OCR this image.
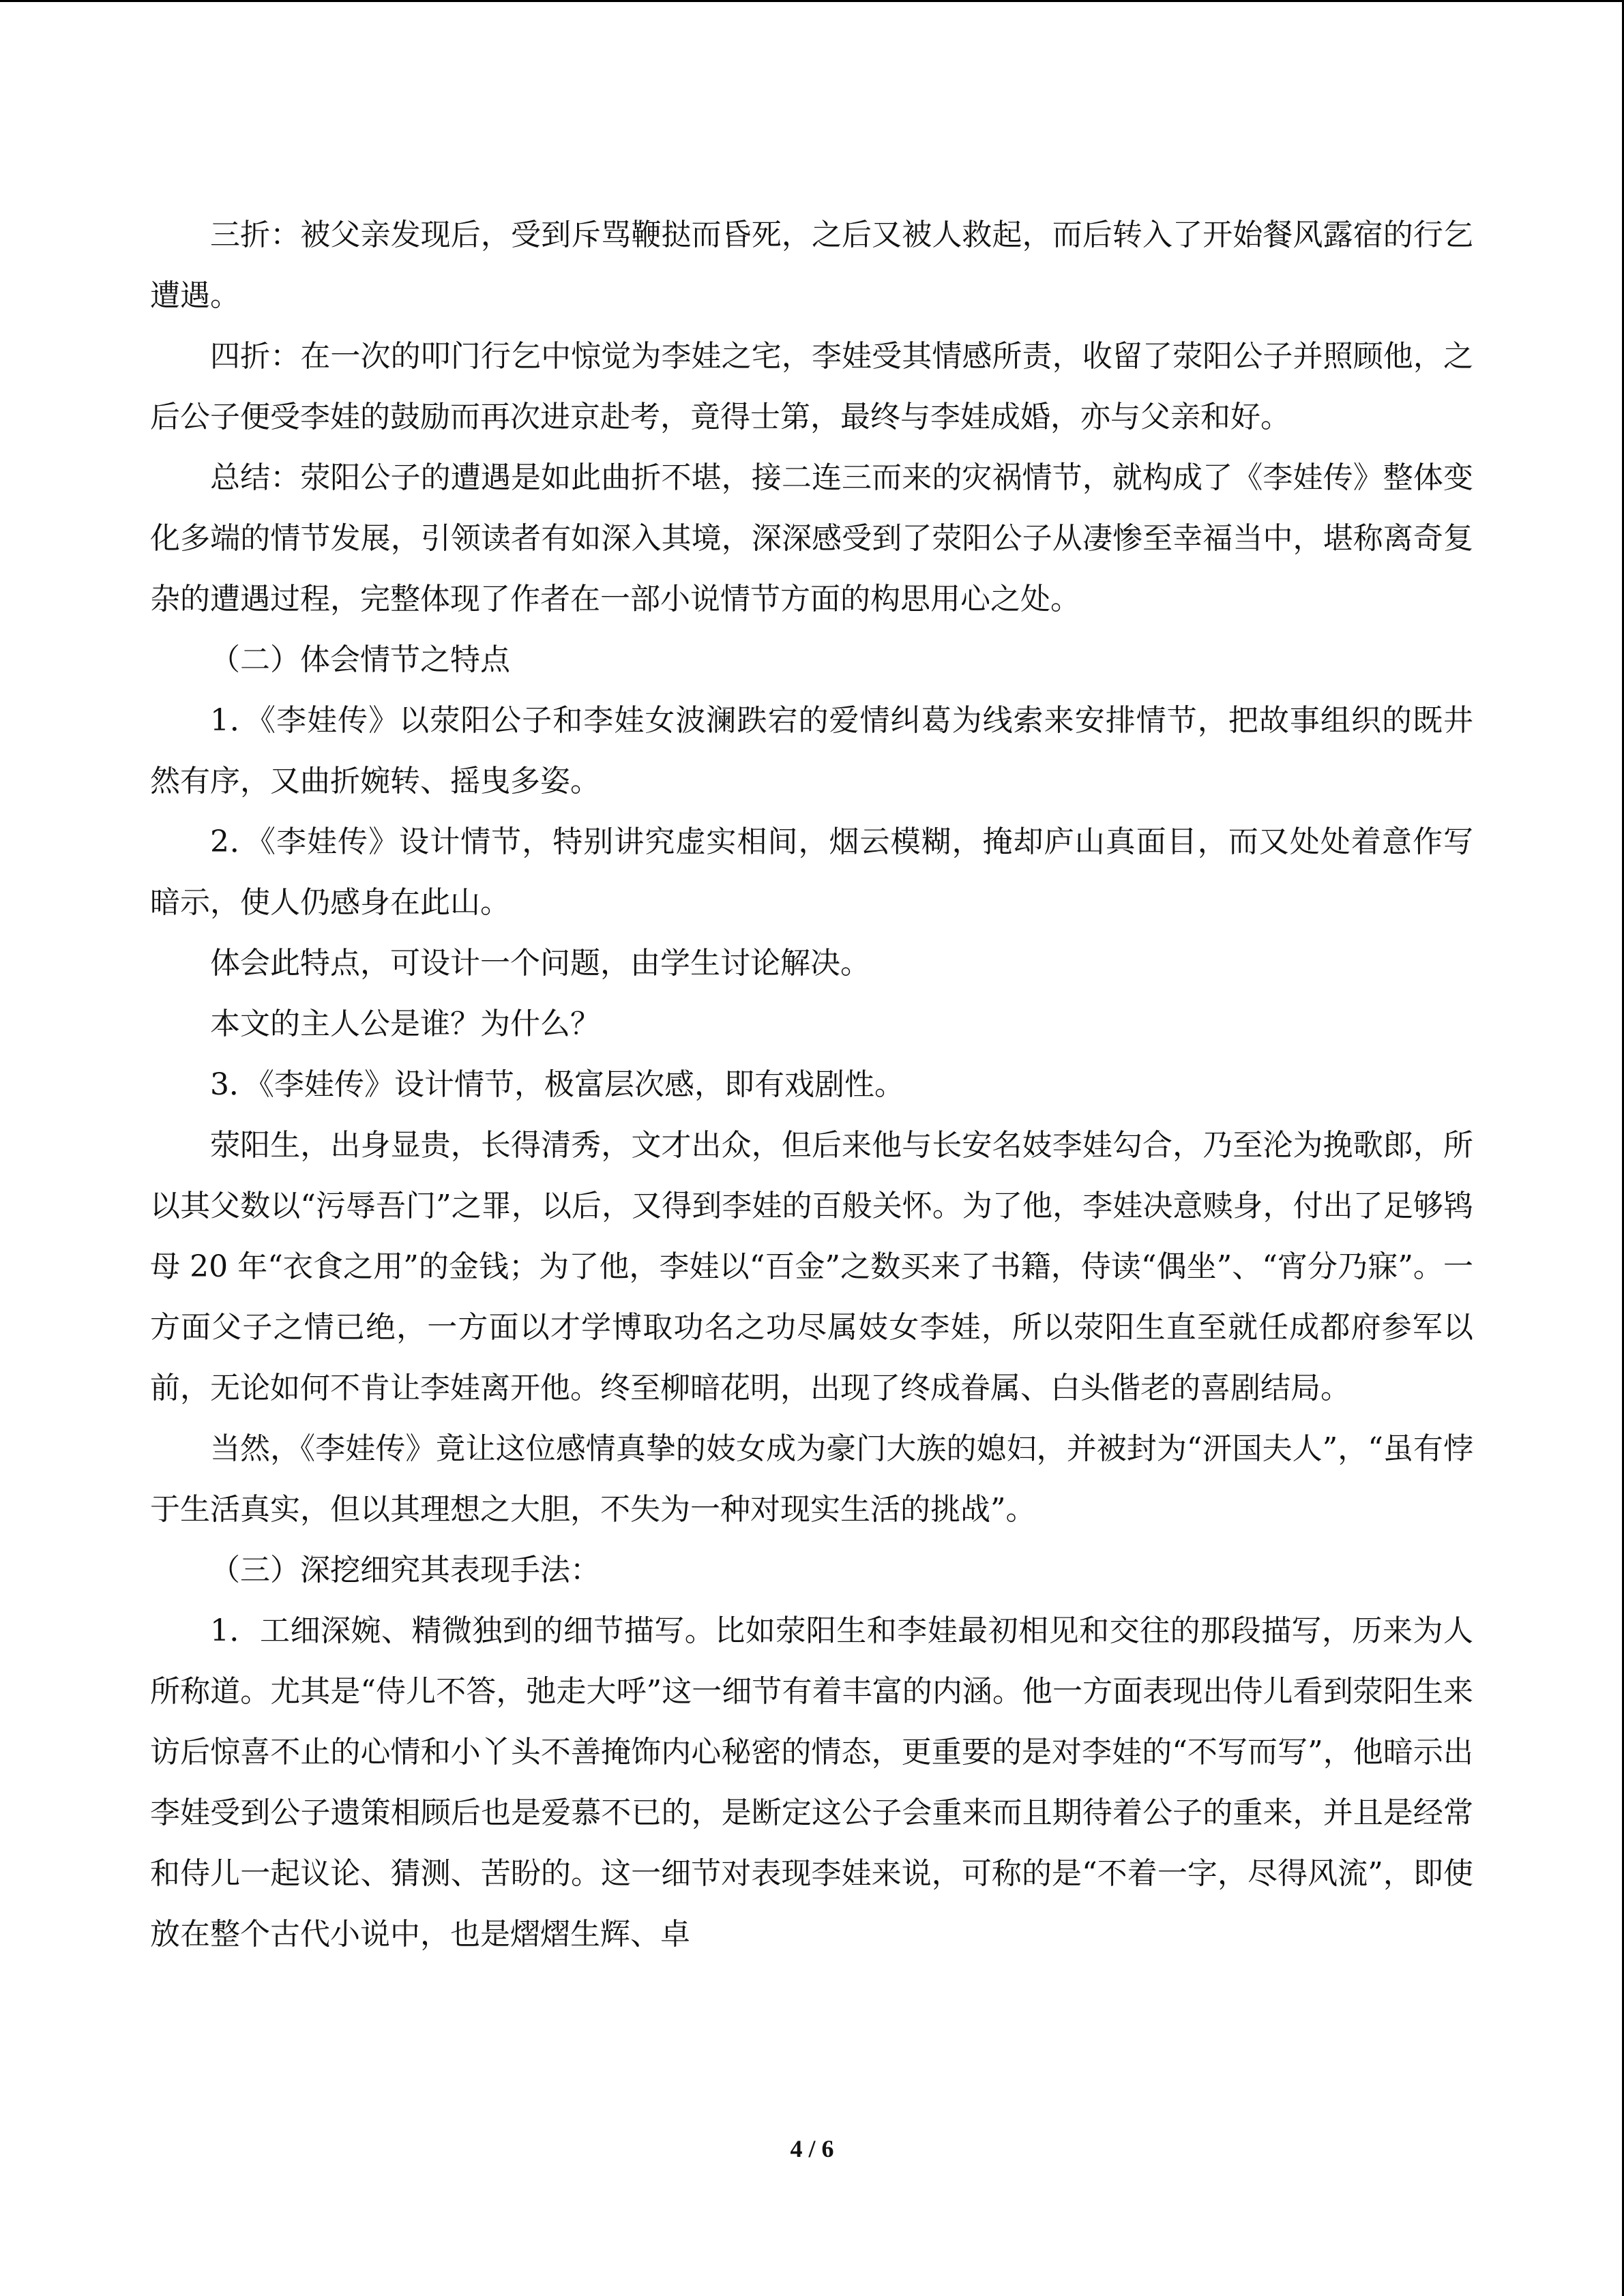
三折：被父亲发现后，受到斥骂鞭挞而昏死，之后又被人救起，而后转入了开始餐风露宿的行乞遭遇。

四折：在一次的叩门行乞中惊觉为李娃之宅，李娃受其情感所责，收留了荥阳公子并照顾他，之后公子便受李娃的鼓励而再次进京赴考，竟得士第，最终与李娃成婚，亦与父亲和好。

总结：荥阳公子的遭遇是如此曲折不堪，接二连三而来的灾祸情节，就构成了《李娃传》整体变化多端的情节发展，引领读者有如深入其境，深深感受到了荥阳公子从凄惨至幸福当中，堪称离奇复杂的遭遇过程，完整体现了作者在一部小说情节方面的构思用心之处。

（二）体会情节之特点

1．《李娃传》以荥阳公子和李娃女波澜跌宕的爱情纠葛为线索来安排情节，把故事组织的既井然有序，又曲折婉转、摇曳多姿。

2．《李娃传》设计情节，特别讲究虚实相间，烟云模糊，掩却庐山真面目，而又处处着意作写暗示，使人仍感身在此山。

体会此特点，可设计一个问题，由学生讨论解决。

本文的主人公是谁？为什么？

3．《李娃传》设计情节，极富层次感，即有戏剧性。

荥阳生，出身显贵，长得清秀，文才出众，但后来他与长安名妓李娃勾合，乃至沦为挽歌郎，所以其父数以“污辱吾门”之罪，以后，又得到李娃的百般关怀。为了他，李娃决意赎身，付出了足够鸨母 20 年“衣食之用”的金钱；为了他，李娃以“百金”之数买来了书籍，侍读“偶坐”、“宵分乃寐”。一方面父子之情已绝，一方面以才学博取功名之功尽属妓女李娃，所以荥阳生直至就任成都府参军以前，无论如何不肯让李娃离开他。终至柳暗花明，出现了终成眷属、白头偕老的喜剧结局。

当然，《李娃传》竟让这位感情真挚的妓女成为豪门大族的媳妇，并被封为“汧国夫人”，“虽有悖于生活真实，但以其理想之大胆，不失为一种对现实生活的挑战”。

（三）深挖细究其表现手法：

1．工细深婉、精微独到的细节描写。比如荥阳生和李娃最初相见和交往的那段描写，历来为人所称道。尤其是“侍儿不答，弛走大呼”这一细节有着丰富的内涵。他一方面表现出侍儿看到荥阳生来访后惊喜不止的心情和小丫头不善掩饰内心秘密的情态，更重要的是对李娃的“不写而写”，他暗示出李娃受到公子遗策相顾后也是爱慕不已的，是断定这公子会重来而且期待着公子的重来，并且是经常和侍儿一起议论、猜测、苦盼的。这一细节对表现李娃来说，可称的是“不着一字，尽得风流”，即使放在整个古代小说中，也是熠熠生辉、卓

4 / 6
